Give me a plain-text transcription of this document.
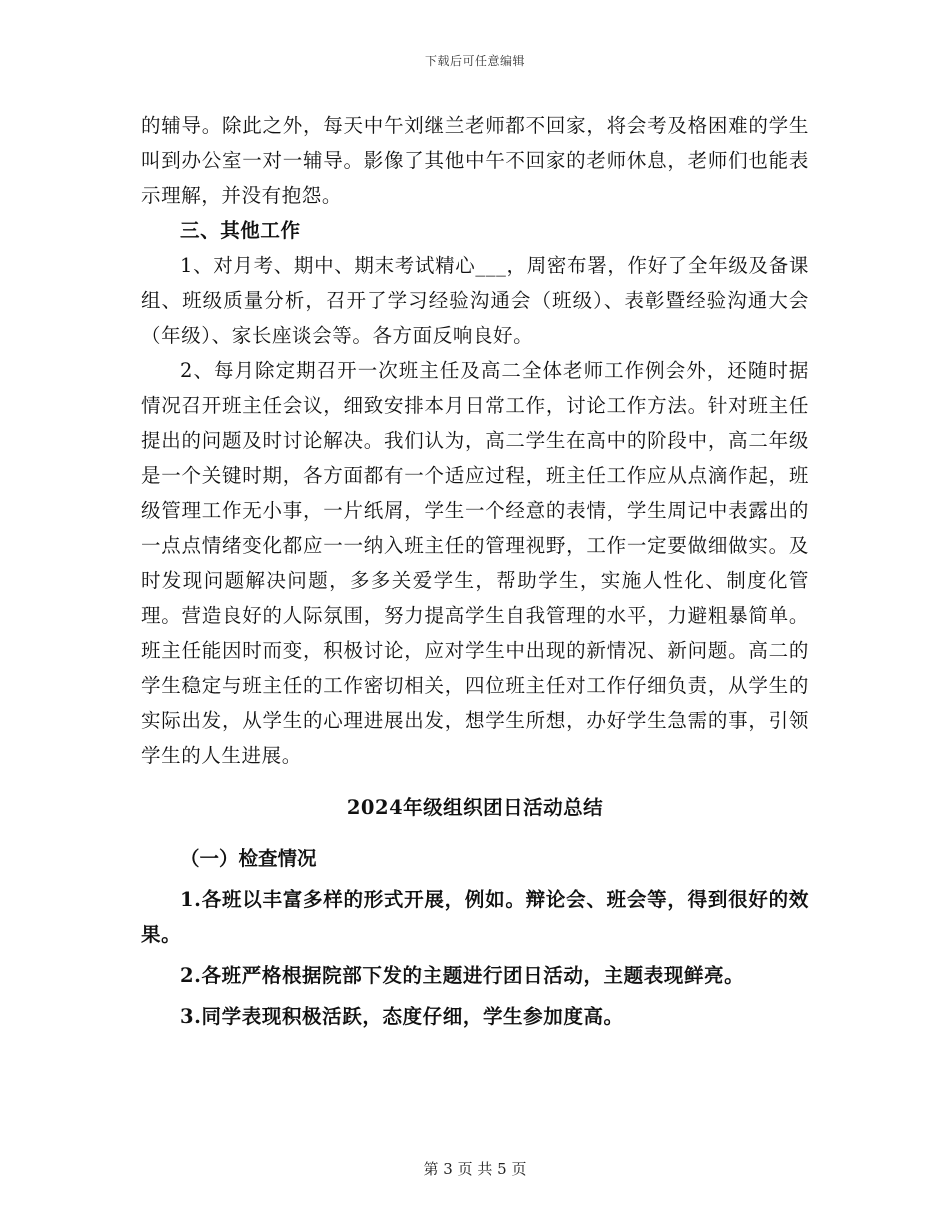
下载后可任意编辑

的辅导。除此之外，每天中午刘继兰老师都不回家，将会考及格困难的学生叫到办公室一对一辅导。影像了其他中午不回家的老师休息，老师们也能表示理解，并没有抱怨。

三、其他工作

1、对月考、期中、期末考试精心___，周密布署，作好了全年级及备课组、班级质量分析，召开了学习经验沟通会（班级）、表彰暨经验沟通大会（年级）、家长座谈会等。各方面反响良好。

2、每月除定期召开一次班主任及高二全体老师工作例会外，还随时据情况召开班主任会议，细致安排本月日常工作，讨论工作方法。针对班主任提出的问题及时讨论解决。我们认为，高二学生在高中的阶段中，高二年级是一个关键时期，各方面都有一个适应过程，班主任工作应从点滴作起，班级管理工作无小事，一片纸屑，学生一个经意的表情，学生周记中表露出的一点点情绪变化都应一一纳入班主任的管理视野，工作一定要做细做实。及时发现问题解决问题，多多关爱学生，帮助学生，实施人性化、制度化管理。营造良好的人际氛围，努力提高学生自我管理的水平，力避粗暴简单。班主任能因时而变，积极讨论，应对学生中出现的新情况、新问题。高二的学生稳定与班主任的工作密切相关，四位班主任对工作仔细负责，从学生的实际出发，从学生的心理进展出发，想学生所想，办好学生急需的事，引领学生的人生进展。

2024年级组织团日活动总结

（一）检查情况

1.各班以丰富多样的形式开展，例如。辩论会、班会等，得到很好的效果。

2.各班严格根据院部下发的主题进行团日活动，主题表现鲜亮。

3.同学表现积极活跃，态度仔细，学生参加度高。

第 3 页 共 5 页
